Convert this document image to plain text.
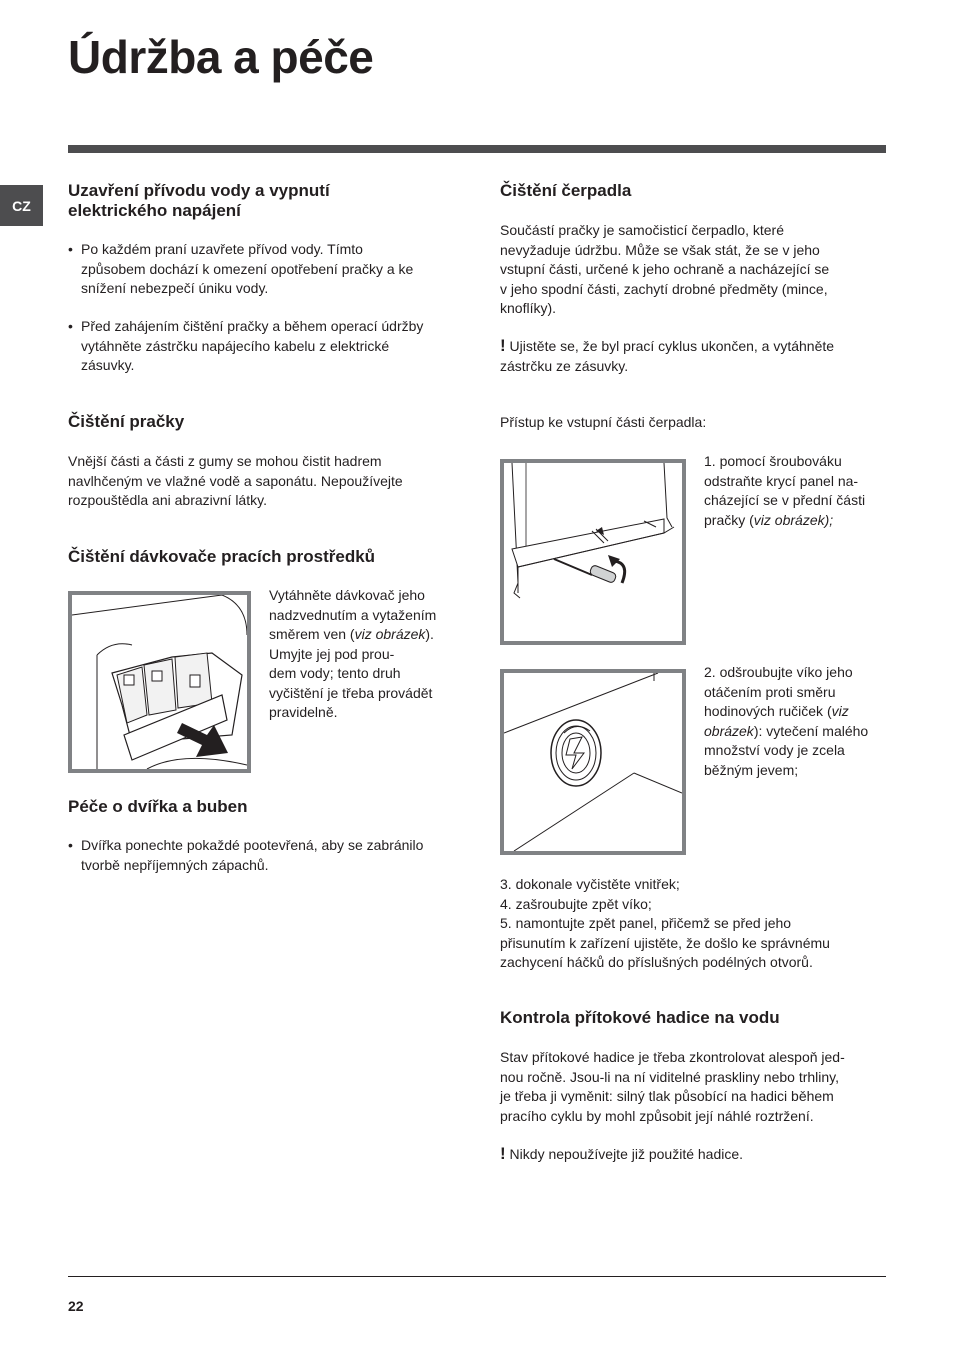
Údržba a péče
CZ
Uzavření přívodu vody a vypnutí
elektrického napájení
• Po každém praní uzavřete přívod vody. Tímto
způsobem dochází k omezení opotřebení pračky a ke
snížení nebezpečí úniku vody.
• Před zahájením čištění pračky a během operací údržby
vytáhněte zástrčku napájecího kabelu z elektrické
zásuvky.
Čištění pračky

Vnější části a části z gumy se mohou čistit hadrem
navlhčeným ve vlažné vodě a saponátu. Nepoužívejte
rozpouštědla ani abrazivní látky.

Čištění dávkovače pracích prostředků

Vytáhněte dávkovač jeho
nadzvednutím a vytažením
směrem ven (viz obrázek).
Umyjte jej pod prou-
dem vody; tento druh
vyčištění je třeba provádět
pravidelně.

Péče o dvířka a buben
• Dvířka ponechte pokaždé pootevřená, aby se zabránilo
tvorbě nepříjemných zápachů.
Čištění čerpadla

Součástí pračky je samočisticí čerpadlo, které
nevyžaduje údržbu. Může se však stát, že se v jeho
vstupní části, určené k jeho ochraně a nacházející se
v jeho spodní části, zachytí drobné předměty (mince,
knoflíky).

! Ujistěte se, že byl prací cyklus ukončen, a vytáhněte
zástrčku ze zásuvky.

Přístup ke vstupní části čerpadla:

1. pomocí šroubováku
odstraňte krycí panel na-
cházející se v přední části
pračky (viz obrázek);

2. odšroubujte víko jeho
otáčením proti směru
hodinových ručiček (viz
obrázek): vytečení malého
množství vody je zcela
běžným jevem;

3. dokonale vyčistěte vnitřek;
4. zašroubujte zpět víko;
5. namontujte zpět panel, přičemž se před jeho
přisunutím k zařízení ujistěte, že došlo ke správnému
zachycení háčků do příslušných podélných otvorů.

Kontrola přítokové hadice na vodu

Stav přítokové hadice je třeba zkontrolovat alespoň jed-
nou ročně. Jsou-li na ní viditelné praskliny nebo trhliny,
je třeba ji vyměnit: silný tlak působící na hadici během
pracího cyklu by mohl způsobit její náhlé roztržení.

! Nikdy nepoužívejte již použité hadice.

22
